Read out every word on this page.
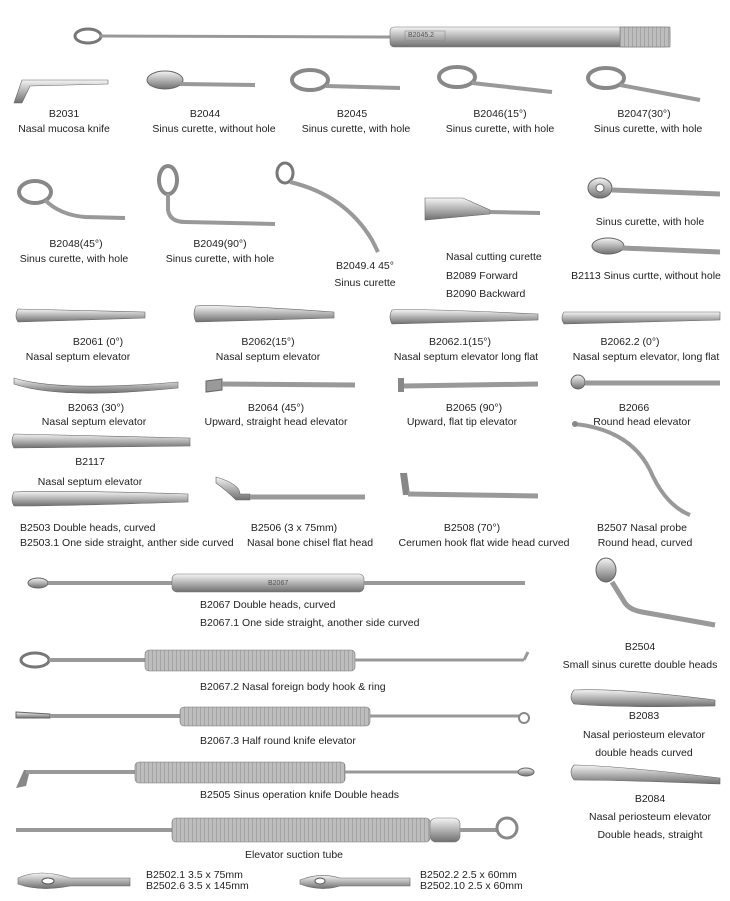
B2045.2
B2067
B2031
Nasal mucosa knife
B2044
Sinus curette, without hole
B2045
Sinus curette, with hole
B2046(15°)
Sinus curette, with hole
B2047(30°)
Sinus curette, with hole
B2048(45°)
Sinus curette, with hole
B2049(90°)
Sinus curette, with hole
B2049.4 45°
Sinus curette
Nasal cutting curette
B2089 Forward
B2090 Backward
Sinus curette, with hole
B2113 Sinus curtte, without hole
B2061 (0°)
Nasal septum elevator
B2062(15°)
Nasal septum elevator
B2062.1(15°)
Nasal septum elevator long flat
B2062.2 (0°)
Nasal septum elevator, long flat
B2063 (30°)
Nasal septum elevator
B2064 (45°)
Upward, straight head elevator
B2065 (90°)
Upward, flat tip elevator
B2066
Round head elevator
B2117
Nasal septum elevator
B2503 Double heads, curved
B2503.1 One side straight, anther side curved
B2506 (3 x 75mm)
Nasal bone chisel flat head
B2508 (70°)
Cerumen hook flat wide head curved
B2507 Nasal probe
Round head, curved
B2067 Double heads, curved
B2067.1 One side straight, another side curved
B2504
Small sinus curette double heads
B2067.2 Nasal foreign body hook & ring
B2083
Nasal periosteum elevator
double heads curved
B2067.3 Half round knife elevator
B2505 Sinus operation knife Double heads	B2084
Nasal periosteum elevator
Double heads, straight
Elevator suction tube
B2502.1 3.5 x 75mm
B2502.6 3.5 x 145mm
B2502.2 2.5 x 60mm
B2502.10 2.5 x 60mm
